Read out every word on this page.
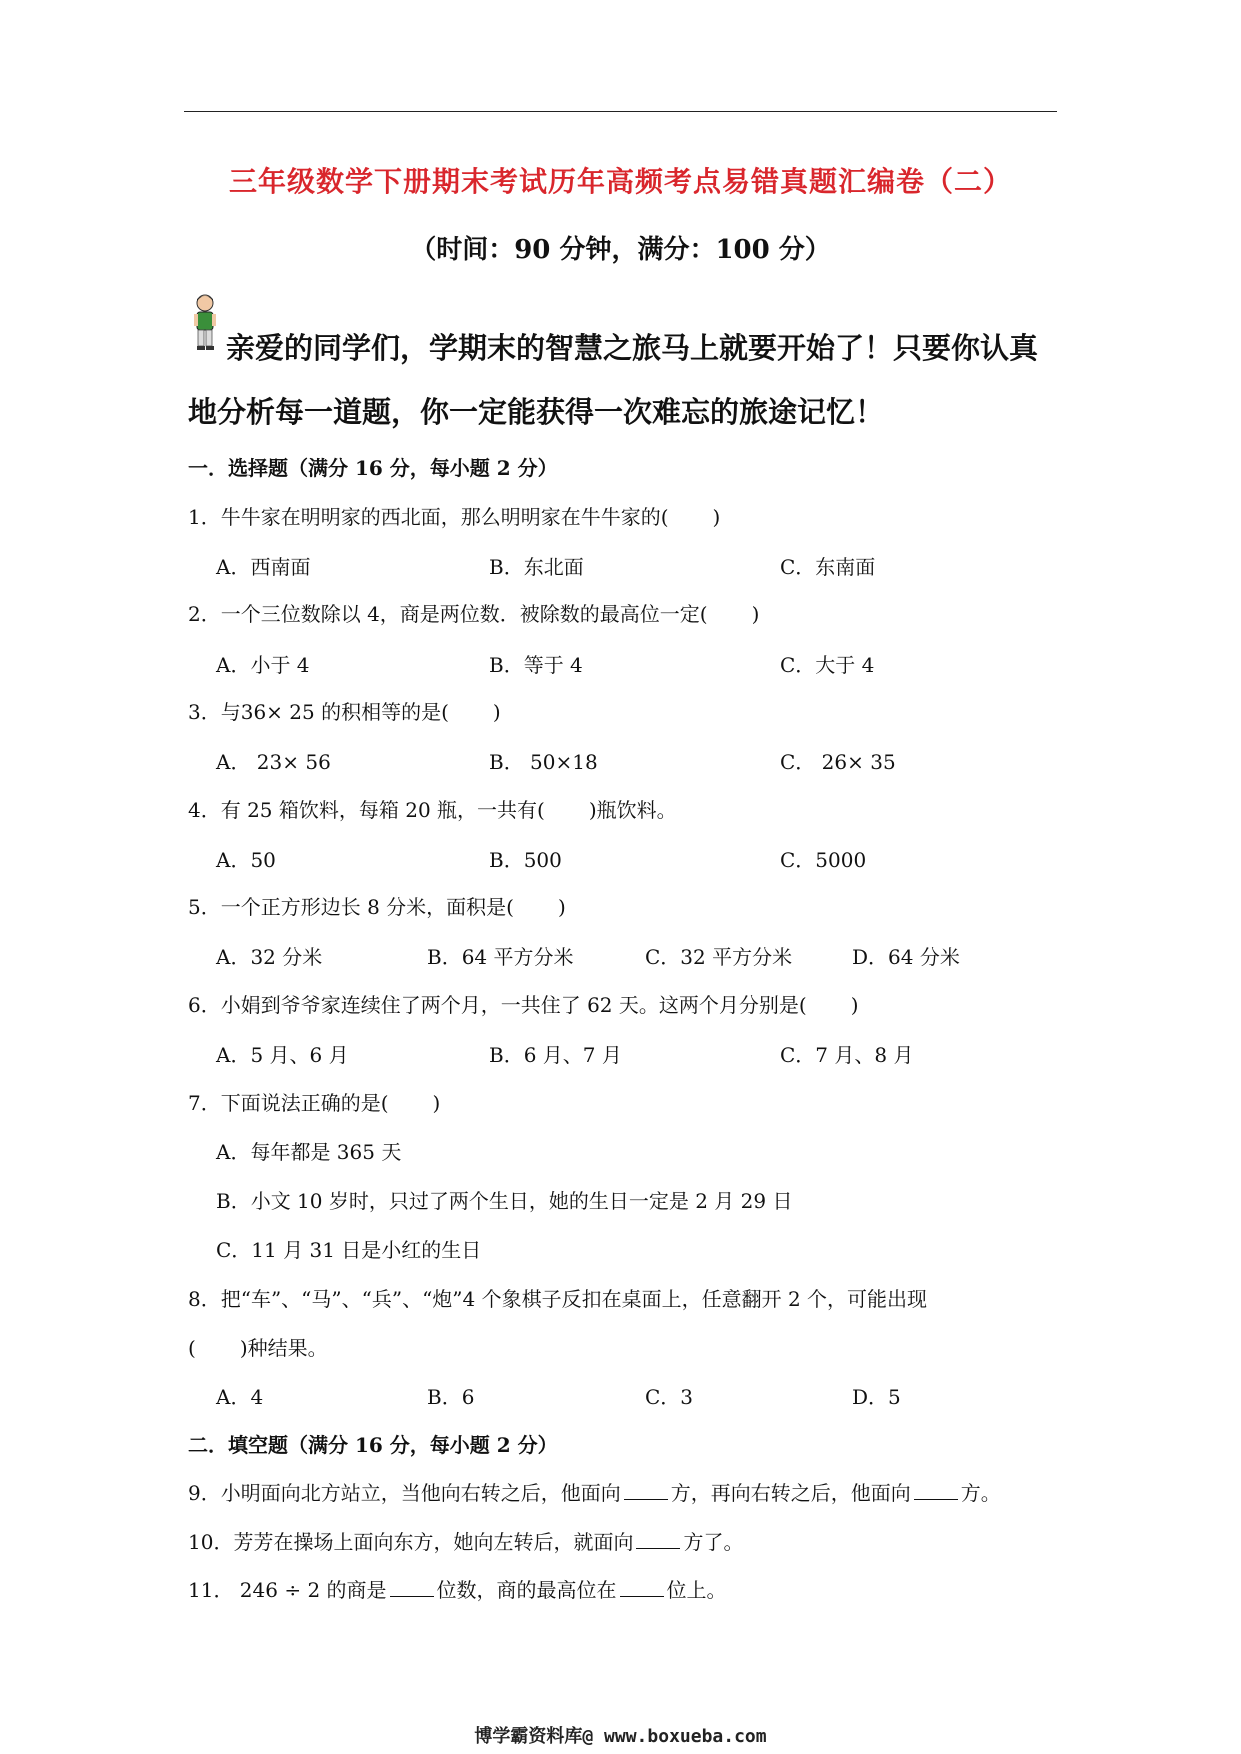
三年级数学下册期末考试历年高频考点易错真题汇编卷（二）
（时间：90 分钟，满分：100 分）
亲爱的同学们，学期末的智慧之旅马上就要开始了！只要你认真
地分析每一道题，你一定能获得一次难忘的旅途记忆！
一．选择题（满分 16 分，每小题 2 分）
1．牛牛家在明明家的西北面，那么明明家在牛牛家的( )
A．西南面	B．东北面	C．东南面
2．一个三位数除以 4，商是两位数．被除数的最高位一定( )
A．小于 4	B．等于 4	C．大于 4
3．与36× 25 的积相等的是( )
A． 23× 56	B． 50×18	C． 26× 35
4．有 25 箱饮料，每箱 20 瓶，一共有( )瓶饮料。
A．50	B．500	C．5000
5．一个正方形边长 8 分米，面积是( )
A．32 分米	B．64 平方分米	C．32 平方分米	D．64 分米
6．小娟到爷爷家连续住了两个月，一共住了 62 天。这两个月分别是( )
A．5 月、6 月	B．6 月、7 月	C．7 月、8 月
7．下面说法正确的是( )
A．每年都是 365 天
B．小文 10 岁时，只过了两个生日，她的生日一定是 2 月 29 日
C．11 月 31 日是小红的生日
8．把“车”、“马”、“兵”、“炮”4 个象棋子反扣在桌面上，任意翻开 2 个，可能出现
( )种结果。
A．4	B．6	C．3	D．5
二．填空题（满分 16 分，每小题 2 分）
9．小明面向北方站立，当他向右转之后，他面向	方，再向右转之后，他面向	方。
10．芳芳在操场上面向东方，她向左转后，就面向	方了。
11． 246 ÷ 2 的商是	位数，商的最高位在	位上。
博学霸资料库@ www.boxueba.com
